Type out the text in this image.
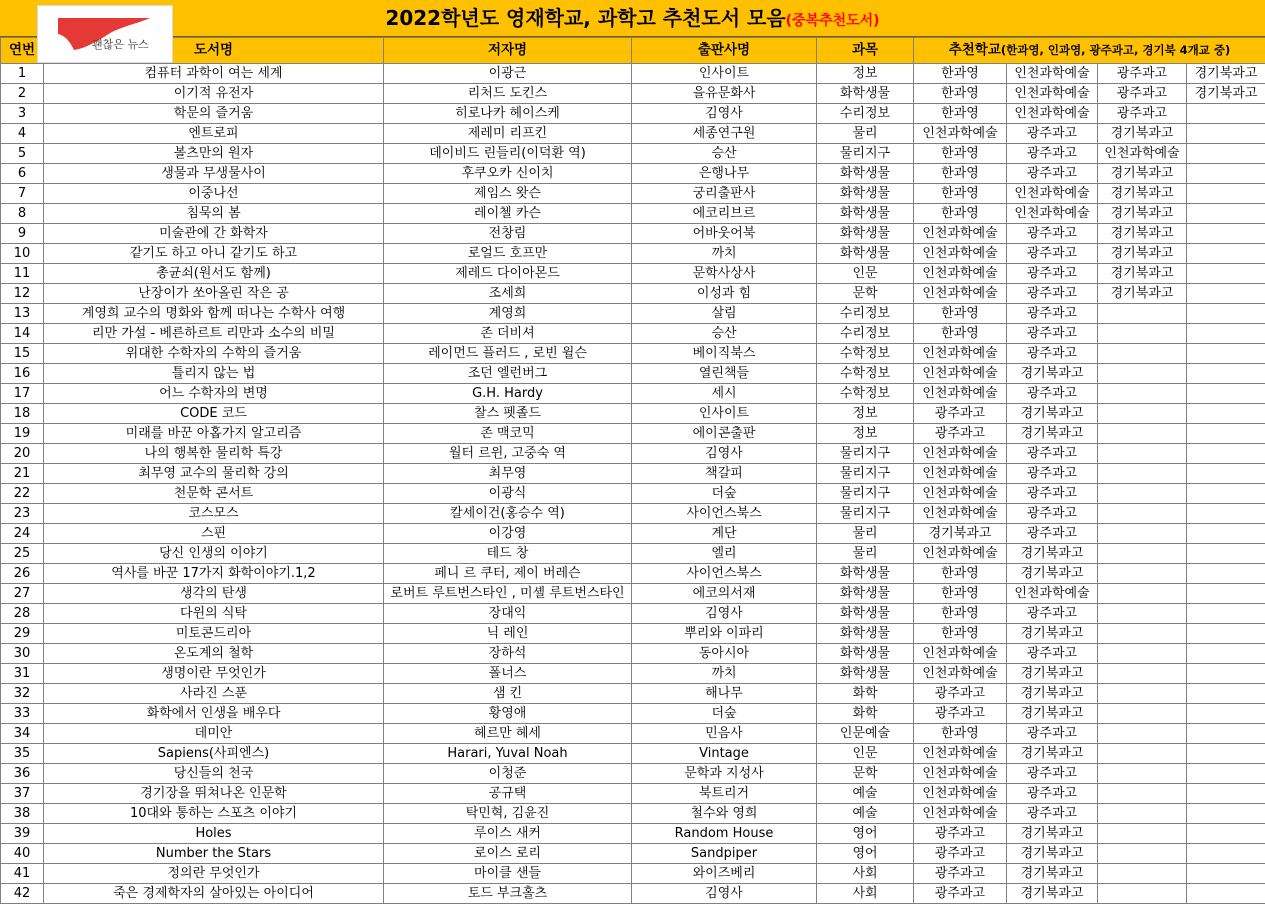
2022학년도 영재학교, 과학고 추천도서 모음(중복추천도서)
괜찮은 뉴스
연번	도서명	저자명	출판사명	과목	추천학교(한과영, 인과영, 광주과고, 경기북 4개교 중)			
1	컴퓨터 과학이 여는 세계	이광근	인사이트	정보	한과영	인천과학예술	광주과고	경기북과고
2	이기적 유전자	리처드 도킨스	을유문화사	화학생물	한과영	인천과학예술	광주과고	경기북과고
3	학문의 즐거움	히로나카 헤이스케	김영사	수리정보	한과영	인천과학예술	광주과고	
4	엔트로피	제레미 리프킨	세종연구원	물리	인천과학예술	광주과고	경기북과고	
5	볼츠만의 원자	데이비드 린들리(이덕환 역)	승산	물리지구	한과영	광주과고	인천과학예술	
6	생물과 무생물사이	후쿠오카 신이치	은행나무	화학생물	한과영	광주과고	경기북과고	
7	이중나선	제임스 왓슨	궁리출판사	화학생물	한과영	인천과학예술	경기북과고	
8	침묵의 봄	레이첼 카슨	에코리브르	화학생물	한과영	인천과학예술	경기북과고	
9	미술관에 간 화학자	전창림	어바웃어북	화학생물	인천과학예술	광주과고	경기북과고	
10	같기도 하고 아니 같기도 하고	로얼드 호프만	까치	화학생물	인천과학예술	광주과고	경기북과고	
11	총균쇠(원서도 함께)	제레드 다이아몬드	문학사상사	인문	인천과학예술	광주과고	경기북과고	
12	난장이가 쏘아올린 작은 공	조세희	이성과 힘	문학	인천과학예술	광주과고	경기북과고	
13	계영희 교수의 명화와 함께 떠나는 수학사 여행	계영희	살림	수리정보	한과영	광주과고		
14	리만 가설 - 베른하르트 리만과 소수의 비밀	존 더비셔	승산	수리정보	한과영	광주과고		
15	위대한 수학자의 수학의 즐거움	레이먼드 플러드 , 로빈 윌슨	베이직북스	수학정보	인천과학예술	광주과고		
16	틀리지 않는 법	조던 엘런버그	열린책들	수학정보	인천과학예술	경기북과고		
17	어느 수학자의 변명	G.H. Hardy	세시	수학정보	인천과학예술	광주과고		
18	CODE 코드	찰스 펫졸드	인사이트	정보	광주과고	경기북과고		
19	미래를 바꾼 아홉가지 알고리즘	존 맥코믹	에이콘출판	정보	광주과고	경기북과고		
20	나의 행복한 물리학 특강	월터 르윈, 고중숙 역	김영사	물리지구	인천과학예술	광주과고		
21	최무영 교수의 물리학 강의	최무영	책갈피	물리지구	인천과학예술	광주과고		
22	천문학 콘서트	이광식	더숲	물리지구	인천과학예술	광주과고		
23	코스모스	칼세이건(홍승수 역)	사이언스북스	물리지구	인천과학예술	광주과고		
24	스핀	이강영	계단	물리	경기북과고	광주과고		
25	당신 인생의 이야기	테드 창	엘리	물리	인천과학예술	경기북과고		
26	역사를 바꾼 17가지 화학이야기.1,2	페니 르 쿠터, 제이 버레슨	사이언스북스	화학생물	한과영	경기북과고		
27	생각의 탄생	로버트 루트번스타인 , 미셸 루트번스타인	에코의서재	화학생물	한과영	인천과학예술		
28	다윈의 식탁	장대익	김영사	화학생물	한과영	광주과고		
29	미토콘드리아	닉 레인	뿌리와 이파리	화학생물	한과영	경기북과고		
30	온도계의 철학	장하석	동아시아	화학생물	인천과학예술	광주과고		
31	생명이란 무엇인가	폴너스	까치	화학생물	인천과학예술	경기북과고		
32	사라진 스푼	샘 킨	해나무	화학	광주과고	경기북과고		
33	화학에서 인생을 배우다	황영애	더숲	화학	광주과고	경기북과고		
34	데미안	헤르만 헤세	민음사	인문예술	한과영	광주과고		
35	Sapiens(사피엔스)	Harari, Yuval Noah	Vintage	인문	인천과학예술	경기북과고		
36	당신들의 천국	이청준	문학과 지성사	문학	인천과학예술	광주과고		
37	경기장을 뛰쳐나온 인문학	공규택	북트리거	예술	인천과학예술	광주과고		
38	10대와 통하는 스포츠 이야기	탁민혁, 김윤진	철수와 영희	예술	인천과학예술	광주과고		
39	Holes	루이스 새커	Random House	영어	광주과고	경기북과고		
40	Number the Stars	로이스 로리	Sandpiper	영어	광주과고	경기북과고		
41	정의란 무엇인가	마이클 샌들	와이즈베리	사회	광주과고	경기북과고		
42	죽은 경제학자의 살아있는 아이디어	토드 부크홀츠	김영사	사회	광주과고	경기북과고		
